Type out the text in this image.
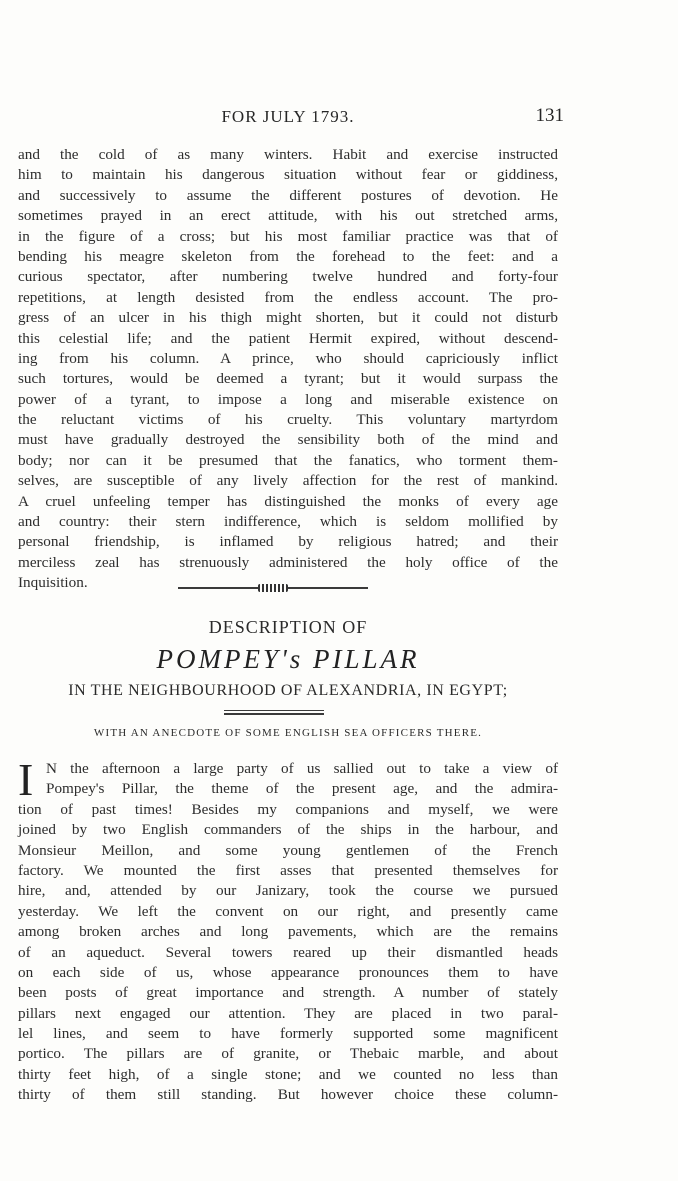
FOR JULY 1793.	131
and the cold of as many winters. Habit and exercise instructed
him to maintain his dangerous situation without fear or giddiness,
and successively to assume the different postures of devotion. He
sometimes prayed in an erect attitude, with his out stretched arms,
in the figure of a cross; but his most familiar practice was that of
bending his meagre skeleton from the forehead to the feet: and a
curious spectator, after numbering twelve hundred and forty-four
repetitions, at length desisted from the endless account. The pro-
gress of an ulcer in his thigh might shorten, but it could not disturb
this celestial life; and the patient Hermit expired, without descend-
ing from his column. A prince, who should capriciously inflict
such tortures, would be deemed a tyrant; but it would surpass the
power of a tyrant, to impose a long and miserable existence on
the reluctant victims of his cruelty. This voluntary martyrdom
must have gradually destroyed the sensibility both of the mind and
body; nor can it be presumed that the fanatics, who torment them-
selves, are susceptible of any lively affection for the rest of mankind.
A cruel unfeeling temper has distinguished the monks of every age
and country: their stern indifference, which is seldom mollified by
personal friendship, is inflamed by religious hatred; and their
merciless zeal has strenuously administered the holy office of the
Inquisition.
DESCRIPTION OF
POMPEY's PILLAR
IN THE NEIGHBOURHOOD OF ALEXANDRIA, IN EGYPT;
WITH AN ANECDOTE OF SOME ENGLISH SEA OFFICERS THERE.
I N the afternoon a large party of us sallied out to take a view of
Pompey's Pillar, the theme of the present age, and the admira-
tion of past times! Besides my companions and myself, we were
joined by two English commanders of the ships in the harbour, and
Monsieur Meillon, and some young gentlemen of the French
factory. We mounted the first asses that presented themselves for
hire, and, attended by our Janizary, took the course we pursued
yesterday. We left the convent on our right, and presently came
among broken arches and long pavements, which are the remains
of an aqueduct. Several towers reared up their dismantled heads
on each side of us, whose appearance pronounces them to have
been posts of great importance and strength. A number of stately
pillars next engaged our attention. They are placed in two paral-
lel lines, and seem to have formerly supported some magnificent
portico. The pillars are of granite, or Thebaic marble, and about
thirty feet high, of a single stone; and we counted no less than
thirty of them still standing. But however choice these column-
